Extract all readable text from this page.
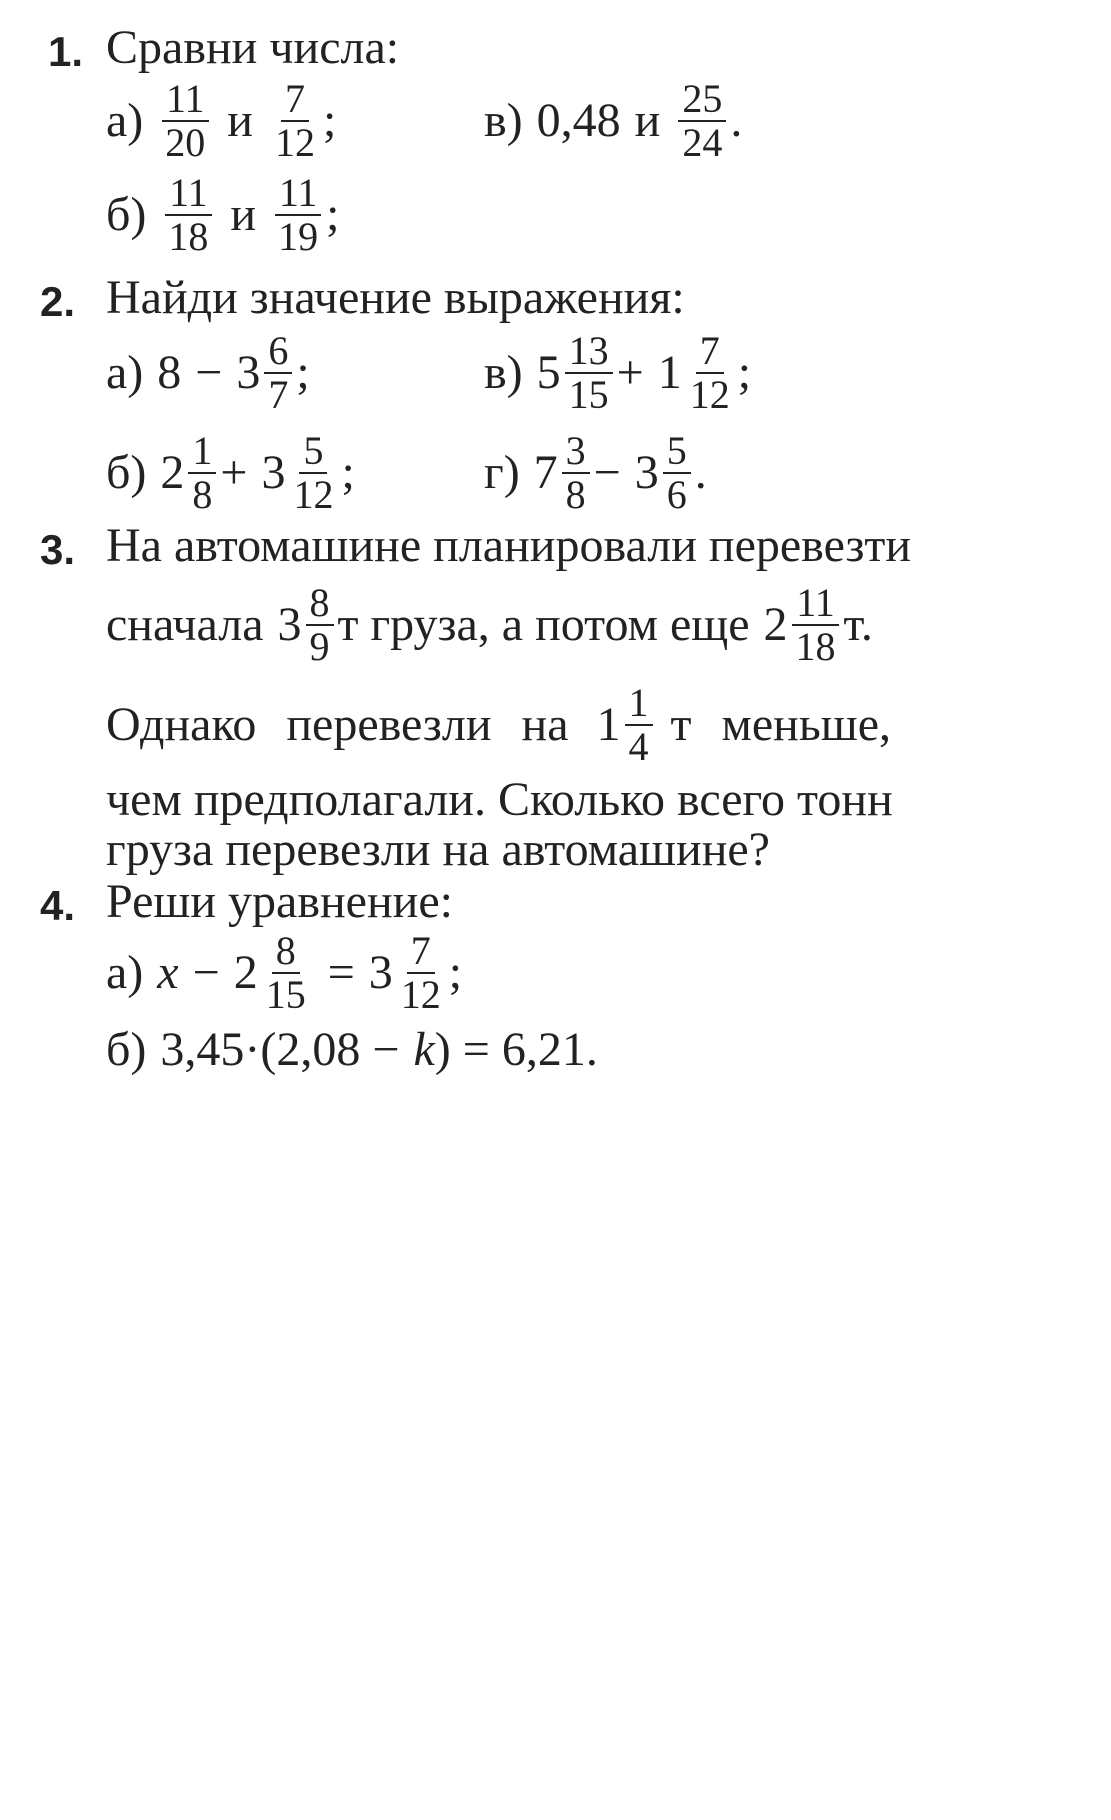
1. Сравни числа:
$а) \frac{11}{20}$ и $\frac{7}{12}$ ;	в) 0,48 и $\frac{25}{24}$ .
$б) \frac{11}{18}$ и $\frac{11}{19}$ ;
2. Найди значение выражения:
а) $8 - 3 \frac{6}{7}$ ;	в) $5 \frac{13}{15} + 1 \frac{7}{12}$ ;
б) $2 \frac{1}{8} + 3 \frac{5}{12}$ ;	г) $7 \frac{3}{8} - 3 \frac{5}{6}$ .
3. На автомашине планировали перевезти
сначала $3 \frac{8}{9}$ т груза, а потом еще $2 \frac{11}{18} т$.
Однако перевезли на $1 \frac{1}{4}$ т меньше,
чем предполагали. Сколько всего тонн
груза перевезли на автомашине?
4. Реши уравнение:
а) $x - 2 \frac{8}{15} = 3 \frac{7}{12}$ ;
б) 3,45·(2,08 − k ) = 6,21.
